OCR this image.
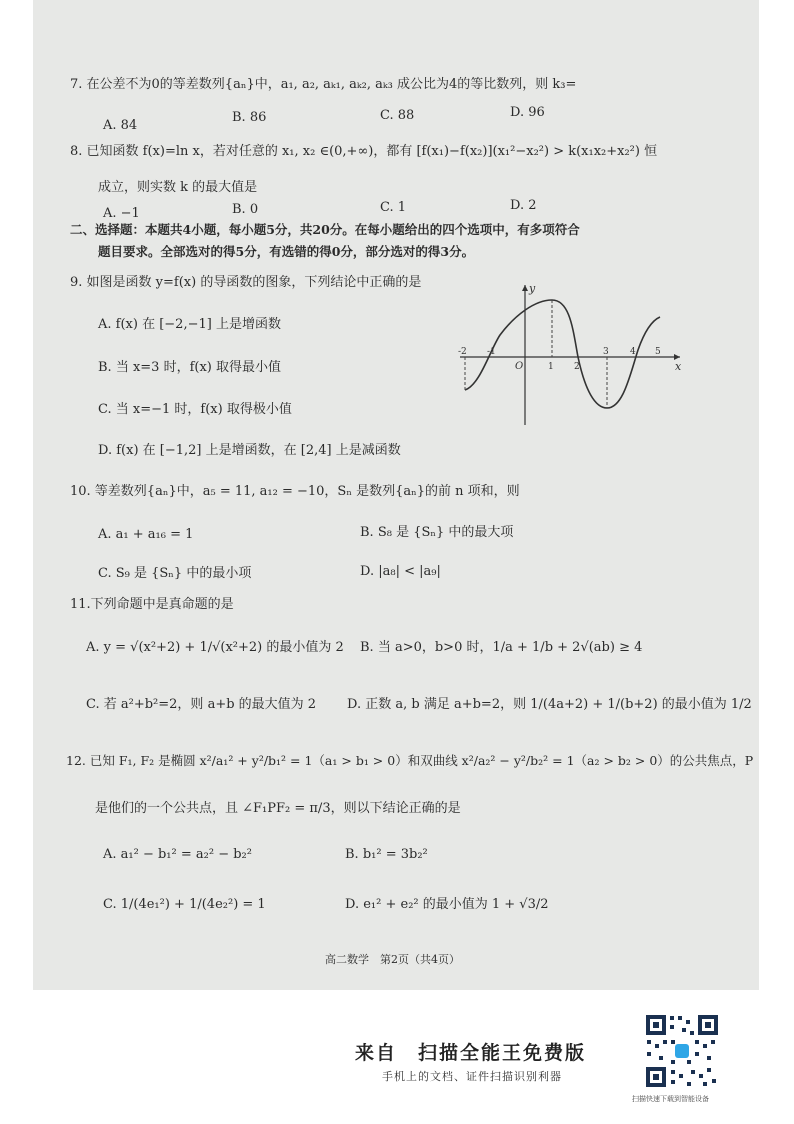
7. 在公差不为0的等差数列{aₙ}中，a₁, a₂, aₖ₁, aₖ₂, aₖ₃ 成公比为4的等比数列，则 k₃=
A. 84
B. 86	C. 88	D. 96
8. 已知函数 f(x)=ln x，若对任意的 x₁, x₂ ∈(0,+∞)，都有 [f(x₁)−f(x₂)](x₁²−x₂²) > k(x₁x₂+x₂²) 恒
成立，则实数 k 的最大值是
A. −1	B. 0	C. 1	D. 2
二、选择题：本题共4小题，每小题5分，共20分。在每小题给出的四个选项中，有多项符合
题目要求。全部选对的得5分，有选错的得0分，部分选对的得3分。
9. 如图是函数 y=f(x) 的导函数的图象，下列结论中正确的是
A. f(x) 在 [−2,−1] 上是增函数
B. 当 x=3 时，f(x) 取得最小值
C. 当 x=−1 时，f(x) 取得极小值
D. f(x) 在 [−1,2] 上是增函数，在 [2,4] 上是减函数
y
x
O
-2 -1
1 2
3 4 5
10. 等差数列{aₙ}中，a₅ = 11, a₁₂ = −10，Sₙ 是数列{aₙ}的前 n 项和，则
A. a₁ + a₁₆ = 1	B. S₈ 是 {Sₙ} 中的最大项
C. S₉ 是 {Sₙ} 中的最小项	D. |a₈| < |a₉|
11.下列命题中是真命题的是
A. y = √(x²+2) + 1/√(x²+2) 的最小值为 2 B. 当 a>0，b>0 时，1/a + 1/b + 2√(ab) ≥ 4
C. 若 a²+b²=2，则 a+b 的最大值为 2 D. 正数 a, b 满足 a+b=2，则 1/(4a+2) + 1/(b+2) 的最小值为 1/2
12. 已知 F₁, F₂ 是椭圆 x²/a₁² + y²/b₁² = 1（a₁ > b₁ > 0）和双曲线 x²/a₂² − y²/b₂² = 1（a₂ > b₂ > 0）的公共焦点，P
是他们的一个公共点，且 ∠F₁PF₂ = π/3，则以下结论正确的是
A. a₁² − b₁² = a₂² − b₂²	B. b₁² = 3b₂²
C. 1/(4e₁²) + 1/(4e₂²) = 1	D. e₁² + e₂² 的最小值为 1 + √3/2
高二数学　第2页（共4页）
来自　扫描全能王免费版
手机上的文档、证件扫描识别利器
扫描快速下载到智能设备
